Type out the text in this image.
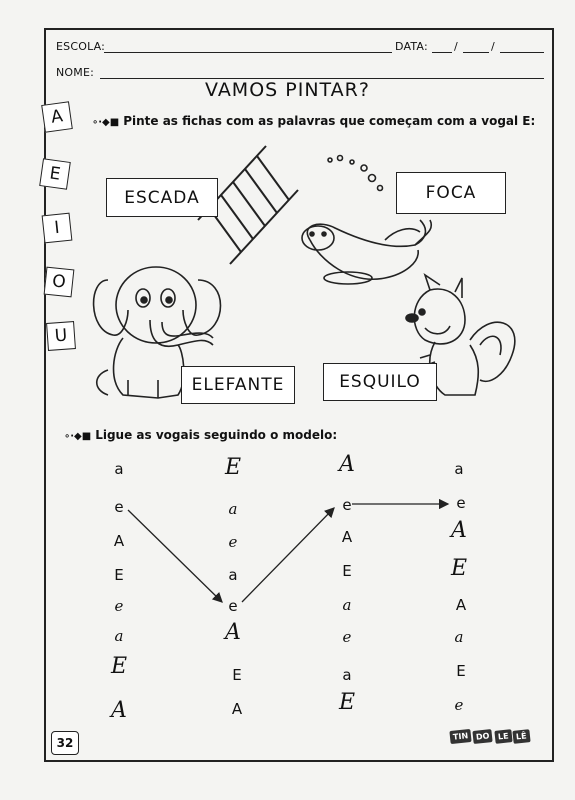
ESCOLA:	DATA: /	/
NOME:
VAMOS PINTAR?
∘∙◆■ Pinte as fichas com as palavras que começam com a vogal E:
A
E
I
O
U
ESCADA	FOCA
ELEFANTE	ESQUILO
∘∙◆■ Ligue as vogais seguindo o modelo:
a
e
A
E
e
a
E
A
E
a
e
a
e
A
E
A
A
e
A
E
a
e
a
E
a
e
A
E
A
a
E
e
32	TIN DO LE LÊ
